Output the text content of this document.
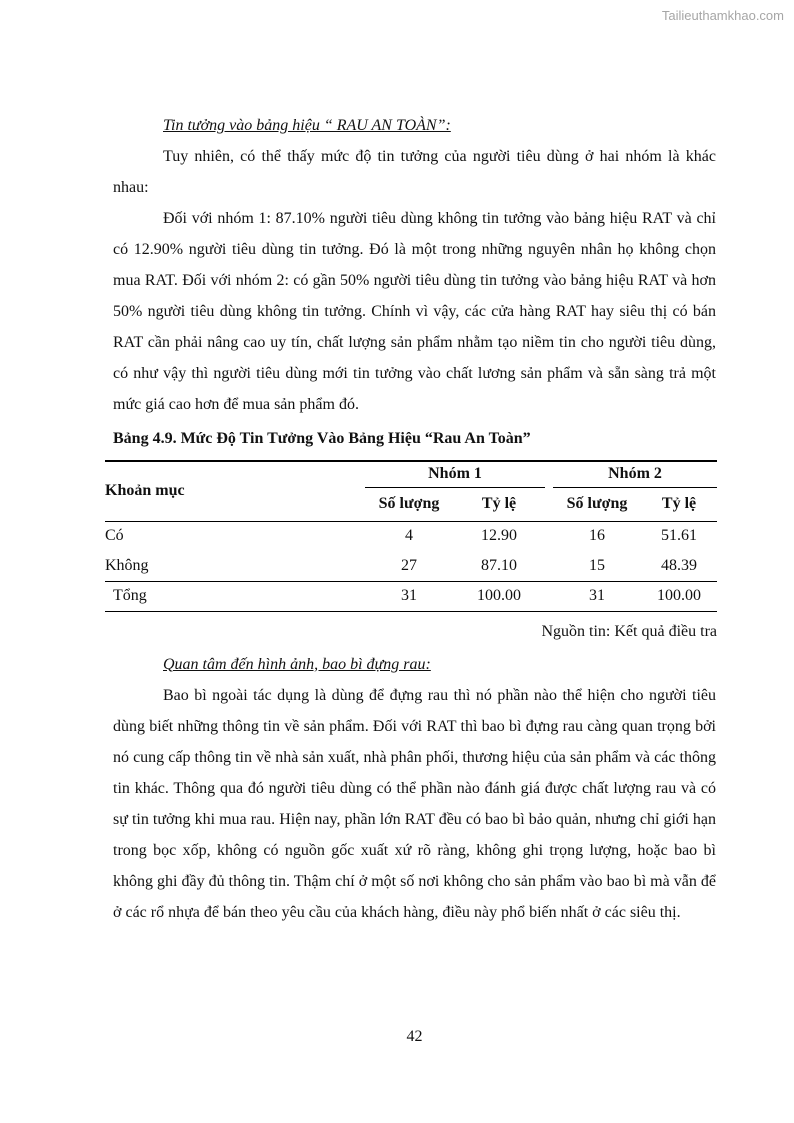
Tailieuthamkhao.com
Tin tưởng vào bảng hiệu “ RAU AN TOÀN”:

Tuy nhiên, có thể thấy mức độ tin tưởng của người tiêu dùng ở hai nhóm là khác nhau:

Đối với nhóm 1: 87.10% người tiêu dùng không tin tưởng vào bảng hiệu RAT và chỉ có 12.90% người tiêu dùng tin tưởng. Đó là một trong những nguyên nhân họ không chọn mua RAT. Đối với nhóm 2: có gần 50% người tiêu dùng tin tưởng vào bảng hiệu RAT và hơn 50% người tiêu dùng không tin tưởng. Chính vì vậy, các cửa hàng RAT hay siêu thị có bán RAT cần phải nâng cao uy tín, chất lượng sản phẩm nhằm tạo niềm tin cho người tiêu dùng, có như vậy thì người tiêu dùng mới tin tưởng vào chất lương sản phẩm và sẵn sàng trả một mức giá cao hơn để mua sản phẩm đó.

Bảng 4.9. Mức Độ Tin Tưởng Vào Bảng Hiệu “Rau An Toàn”
Khoản mục	Nhóm 1			Nhóm 2	
	Số lượng	Tỷ lệ		Số lượng	Tỷ lệ
Có	4	12.90		16	51.61
Không	27	87.10		15	48.39
Tổng	31	100.00		31	100.00
Nguồn tin: Kết quả điều tra
Quan tâm đến hình ảnh, bao bì đựng rau:

Bao bì ngoài tác dụng là dùng để đựng rau thì nó phần nào thể hiện cho người tiêu dùng biết những thông tin về sản phẩm. Đối với RAT thì bao bì đựng rau càng quan trọng bởi nó cung cấp thông tin về nhà sản xuất, nhà phân phối, thương hiệu của sản phẩm và các thông tin khác. Thông qua đó người tiêu dùng có thể phần nào đánh giá được chất lượng rau và có sự tin tưởng khi mua rau. Hiện nay, phần lớn RAT đều có bao bì bảo quản, nhưng chỉ giới hạn trong bọc xốp, không có nguồn gốc xuất xứ rõ ràng, không ghi trọng lượng, hoặc bao bì không ghi đầy đủ thông tin. Thậm chí ở một số nơi không cho sản phẩm vào bao bì mà vẫn để ở các rổ nhựa để bán theo yêu cầu của khách hàng, điều này phổ biến nhất ở các siêu thị.

42
